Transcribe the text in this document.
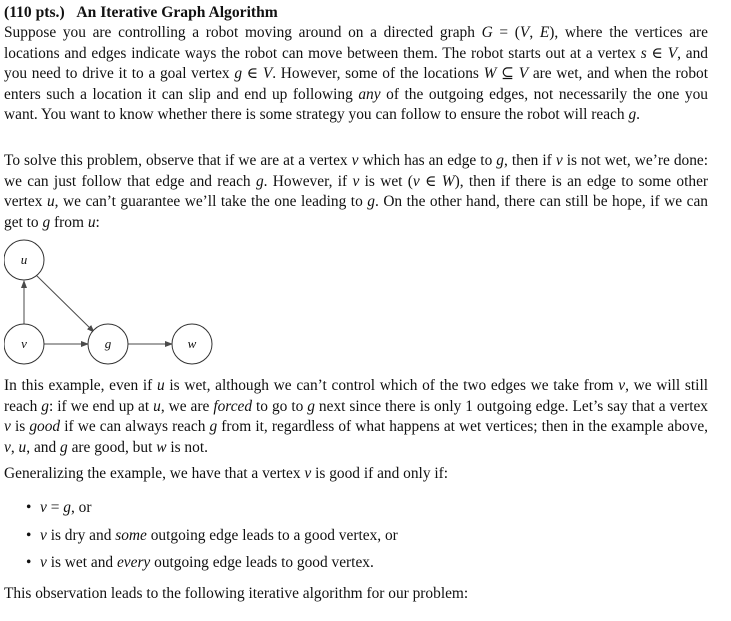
(110 pts.) An Iterative Graph Algorithm

Suppose you are controlling a robot moving around on a directed graph G = (V, E), where the vertices are locations and edges indicate ways the robot can move between them. The robot starts out at a vertex s ∈ V, and you need to drive it to a goal vertex g ∈ V. However, some of the locations W ⊆ V are wet, and when the robot enters such a location it can slip and end up following any of the outgoing edges, not necessarily the one you want. You want to know whether there is some strategy you can follow to ensure the robot will reach g.

To solve this problem, observe that if we are at a vertex v which has an edge to g, then if v is not wet, we’re done: we can just follow that edge and reach g. However, if v is wet (v ∈ W), then if there is an edge to some other vertex u, we can’t guarantee we’ll take the one leading to g. On the other hand, there can still be hope, if we can get to g from u:

u
v	g	w

In this example, even if u is wet, although we can’t control which of the two edges we take from v, we will still reach g: if we end up at u, we are forced to go to g next since there is only 1 outgoing edge. Let’s say that a vertex v is good if we can always reach g from it, regardless of what happens at wet vertices; then in the example above, v, u, and g are good, but w is not.

Generalizing the example, we have that a vertex v is good if and only if:

• v = g, or
• v is dry and some outgoing edge leads to a good vertex, or
• v is wet and every outgoing edge leads to good vertex.

This observation leads to the following iterative algorithm for our problem:
